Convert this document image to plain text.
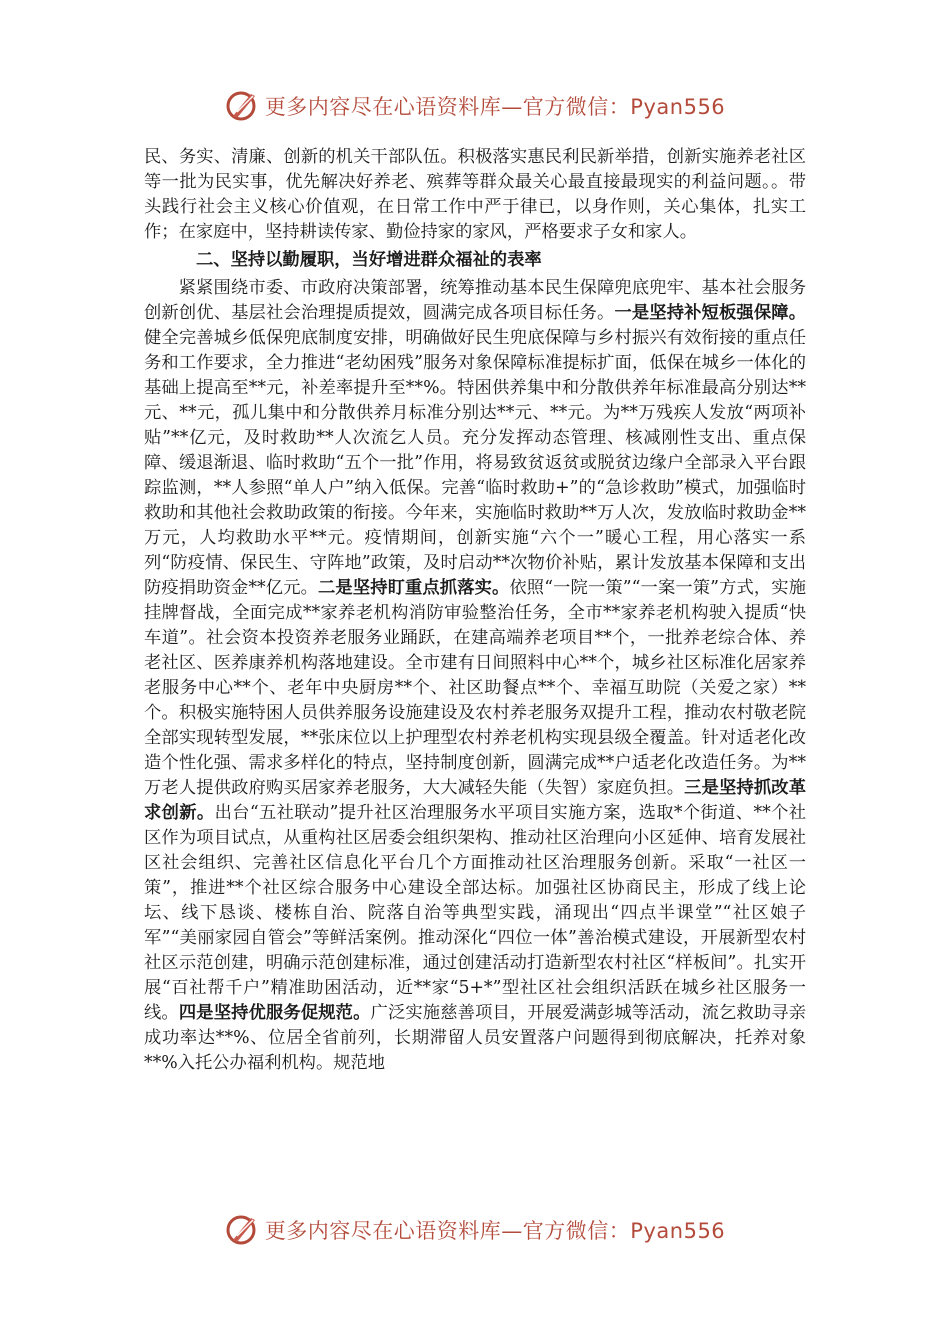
更多内容尽在心语资料库—官方微信：Pyan556

民、务实、清廉、创新的机关干部队伍。积极落实惠民利民新举措，创新实施养老社区等一批为民实事，优先解决好养老、殡葬等群众最关心最直接最现实的利益问题。。带头践行社会主义核心价值观，在日常工作中严于律已，以身作则，关心集体，扎实工作；在家庭中，坚持耕读传家、勤俭持家的家风，严格要求子女和家人。

二、坚持以勤履职，当好增进群众福祉的表率

紧紧围绕市委、市政府决策部署，统筹推动基本民生保障兜底兜牢、基本社会服务创新创优、基层社会治理提质提效，圆满完成各项目标任务。一是坚持补短板强保障。健全完善城乡低保兜底制度安排，明确做好民生兜底保障与乡村振兴有效衔接的重点任务和工作要求，全力推进“老幼困残”服务对象保障标准提标扩面，低保在城乡一体化的基础上提高至**元，补差率提升至**%。特困供养集中和分散供养年标准最高分别达**元、**元，孤儿集中和分散供养月标准分别达**元、**元。为**万残疾人发放“两项补贴”**亿元，及时救助**人次流乞人员。充分发挥动态管理、核减刚性支出、重点保障、缓退渐退、临时救助“五个一批”作用，将易致贫返贫或脱贫边缘户全部录入平台跟踪监测，**人参照“单人户”纳入低保。完善“临时救助+”的“急诊救助”模式，加强临时救助和其他社会救助政策的衔接。今年来，实施临时救助**万人次，发放临时救助金**万元，人均救助水平**元。疫情期间，创新实施“六个一”暖心工程，用心落实一系列“防疫情、保民生、守阵地”政策，及时启动**次物价补贴，累计发放基本保障和支出防疫捐助资金**亿元。二是坚持盯重点抓落实。依照“一院一策”“一案一策”方式，实施挂牌督战，全面完成**家养老机构消防审验整治任务，全市**家养老机构驶入提质“快车道”。社会资本投资养老服务业踊跃，在建高端养老项目**个，一批养老综合体、养老社区、医养康养机构落地建设。全市建有日间照料中心**个，城乡社区标准化居家养老服务中心**个、老年中央厨房**个、社区助餐点**个、幸福互助院（关爱之家）**个。积极实施特困人员供养服务设施建设及农村养老服务双提升工程，推动农村敬老院全部实现转型发展，**张床位以上护理型农村养老机构实现县级全覆盖。针对适老化改造个性化强、需求多样化的特点，坚持制度创新，圆满完成**户适老化改造任务。为**万老人提供政府购买居家养老服务，大大减轻失能（失智）家庭负担。三是坚持抓改革求创新。出台“五社联动”提升社区治理服务水平项目实施方案，选取*个街道、**个社区作为项目试点，从重构社区居委会组织架构、推动社区治理向小区延伸、培育发展社区社会组织、完善社区信息化平台几个方面推动社区治理服务创新。采取“一社区一策”，推进**个社区综合服务中心建设全部达标。加强社区协商民主，形成了线上论坛、线下恳谈、楼栋自治、院落自治等典型实践，涌现出“四点半课堂”“社区娘子军”“美丽家园自管会”等鲜活案例。推动深化“四位一体”善治模式建设，开展新型农村社区示范创建，明确示范创建标准，通过创建活动打造新型农村社区“样板间”。扎实开展“百社帮千户”精准助困活动，近**家“5+*”型社区社会组织活跃在城乡社区服务一线。四是坚持优服务促规范。广泛实施慈善项目，开展爱满彭城等活动，流乞救助寻亲成功率达**%、位居全省前列，长期滞留人员安置落户问题得到彻底解决，托养对象**%入托公办福利机构。规范地

更多内容尽在心语资料库—官方微信：Pyan556
